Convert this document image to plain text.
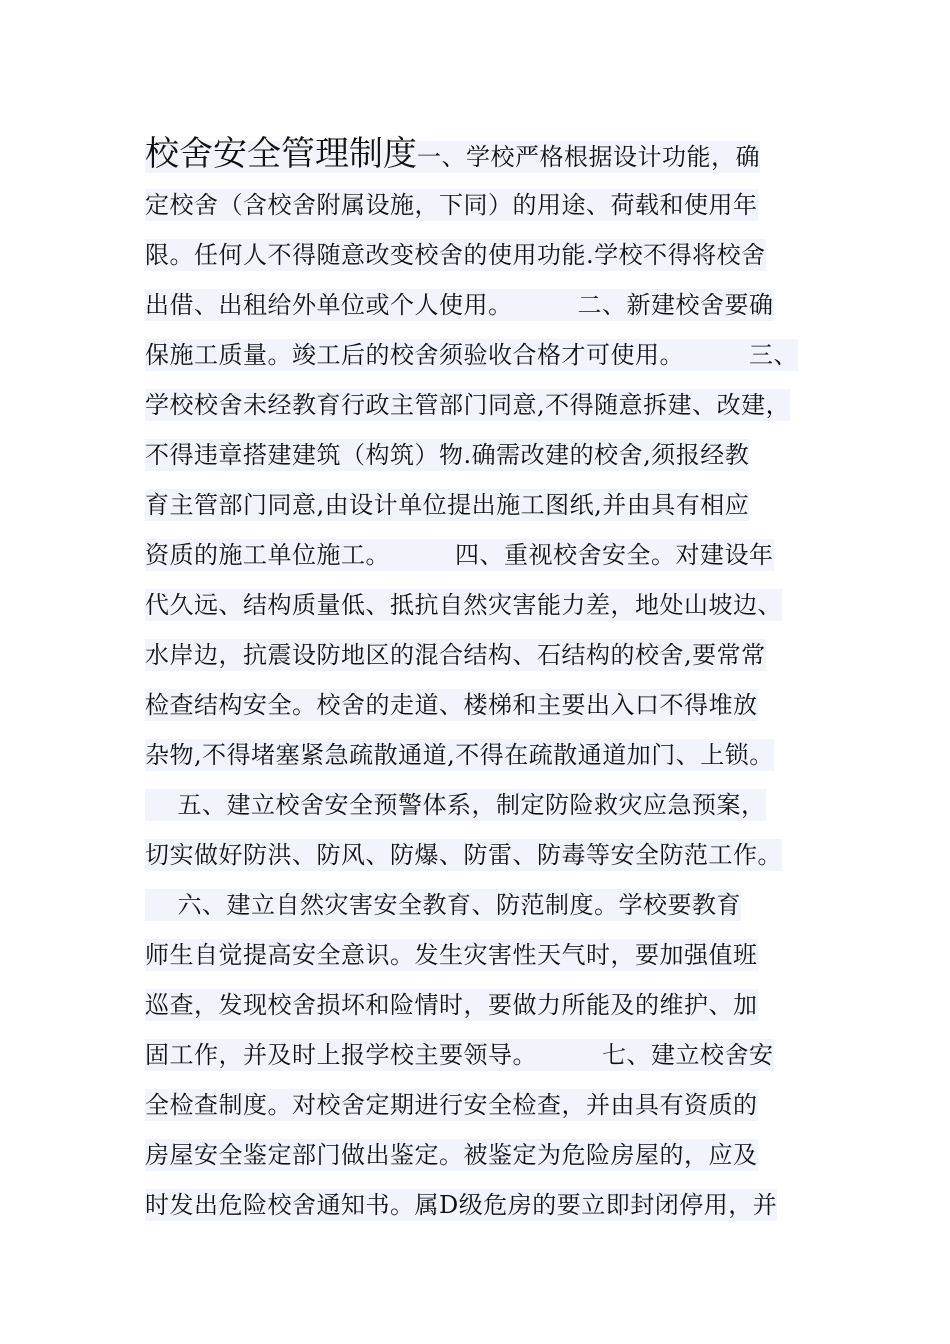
校舍安全管理制度一、学校严格根据设计功能，确
定校舍（含校舍附属设施，下同）的用途、荷载和使用年
限。任何人不得随意改变校舍的使用功能.学校不得将校舍
出借、出租给外单位或个人使用。        二、新建校舍要确
保施工质量。竣工后的校舍须验收合格才可使用。        三、
学校校舍未经教育行政主管部门同意,不得随意拆建、改建，
不得违章搭建建筑（构筑）物.确需改建的校舍,须报经教
育主管部门同意,由设计单位提出施工图纸,并由具有相应
资质的施工单位施工。        四、重视校舍安全。对建设年
代久远、结构质量低、抵抗自然灾害能力差，地处山坡边、
水岸边，抗震设防地区的混合结构、石结构的校舍,要常常
检查结构安全。校舍的走道、楼梯和主要出入口不得堆放
杂物,不得堵塞紧急疏散通道,不得在疏散通道加门、上锁。
五、建立校舍安全预警体系，制定防险救灾应急预案，
切实做好防洪、防风、防爆、防雷、防毒等安全防范工作。
六、建立自然灾害安全教育、防范制度。学校要教育
师生自觉提高安全意识。发生灾害性天气时，要加强值班
巡查，发现校舍损坏和险情时，要做力所能及的维护、加
固工作，并及时上报学校主要领导。        七、建立校舍安
全检查制度。对校舍定期进行安全检查，并由具有资质的
房屋安全鉴定部门做出鉴定。被鉴定为危险房屋的，应及
时发出危险校舍通知书。属D级危房的要立即封闭停用，并
